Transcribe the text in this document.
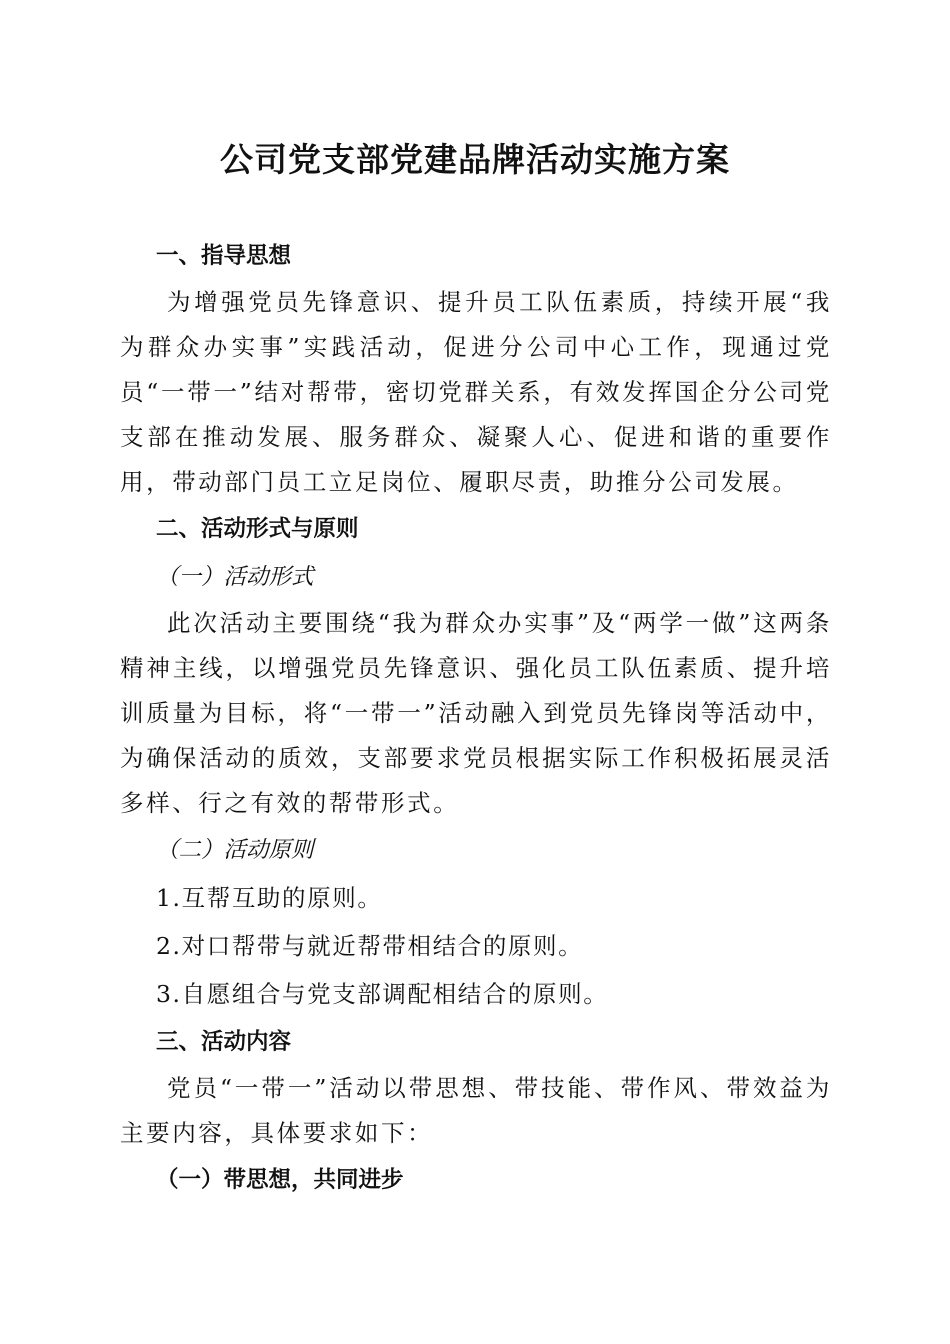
公司党支部党建品牌活动实施方案
一、指导思想

为增强党员先锋意识、提升员工队伍素质，持续开展“我为群众办实事”实践活动，促进分公司中心工作，现通过党员“一带一”结对帮带，密切党群关系，有效发挥国企分公司党支部在推动发展、服务群众、凝聚人心、促进和谐的重要作用，带动部门员工立足岗位、履职尽责，助推分公司发展。

二、活动形式与原则
（一）活动形式

此次活动主要围绕“我为群众办实事”及“两学一做”这两条精神主线，以增强党员先锋意识、强化员工队伍素质、提升培训质量为目标，将“一带一”活动融入到党员先锋岗等活动中，为确保活动的质效，支部要求党员根据实际工作积极拓展灵活多样、行之有效的帮带形式。

（二）活动原则

1.互帮互助的原则。

2.对口帮带与就近帮带相结合的原则。

3.自愿组合与党支部调配相结合的原则。

三、活动内容

党员“一带一”活动以带思想、带技能、带作风、带效益为主要内容，具体要求如下：

（一）带思想，共同进步
